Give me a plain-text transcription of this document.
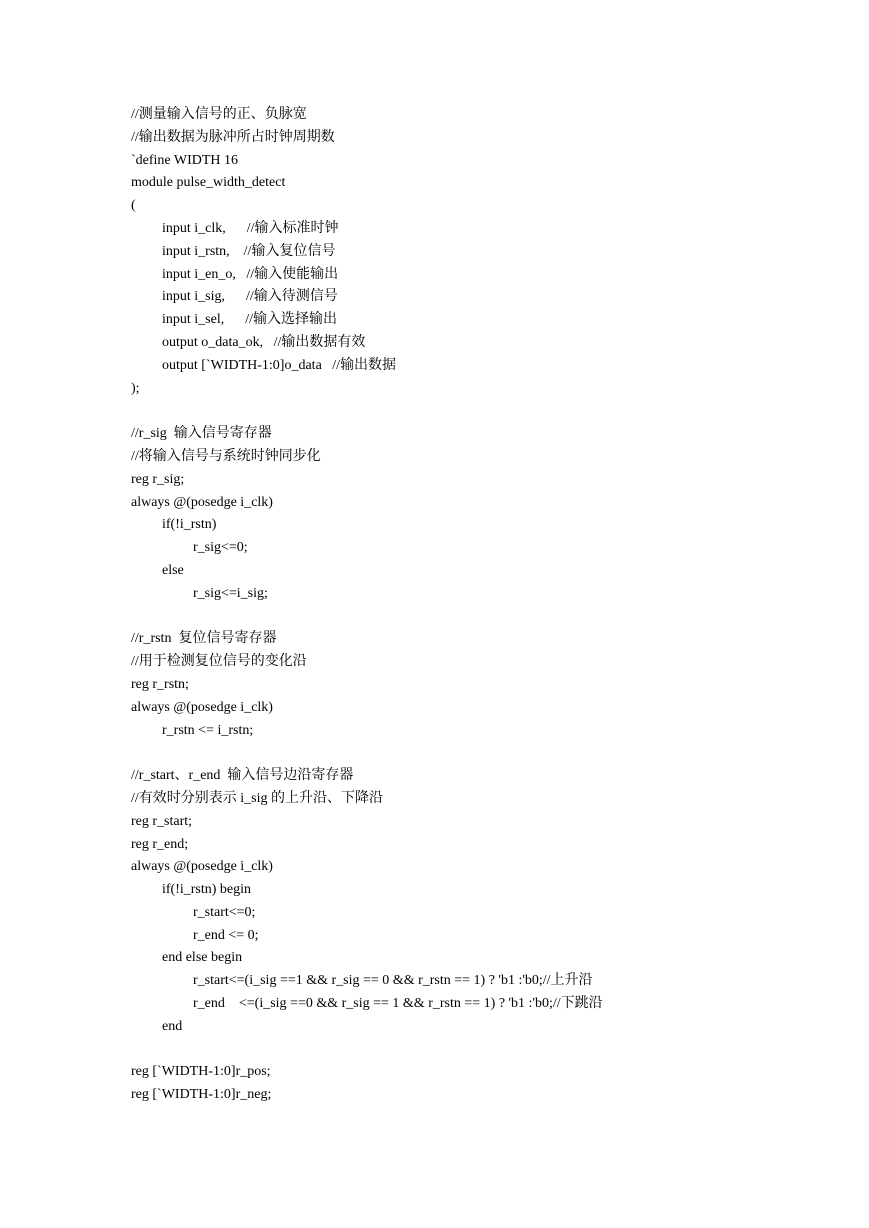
//测量输入信号的正、负脉宽
//输出数据为脉冲所占时钟周期数
`define WIDTH 16
module pulse_width_detect
(
input i_clk,      //输入标准时钟
input i_rstn,    //输入复位信号
input i_en_o,   //输入使能输出
input i_sig,      //输入待测信号
input i_sel,      //输入选择输出
output o_data_ok,   //输出数据有效
output [`WIDTH-1:0]o_data   //输出数据
);
//r_sig  输入信号寄存器
//将输入信号与系统时钟同步化
reg r_sig;
always @(posedge i_clk)
if(!i_rstn)
r_sig<=0;
else
r_sig<=i_sig;
//r_rstn  复位信号寄存器
//用于检测复位信号的变化沿
reg r_rstn;
always @(posedge i_clk)
r_rstn <= i_rstn;
//r_start、r_end  输入信号边沿寄存器
//有效时分别表示 i_sig 的上升沿、下降沿
reg r_start;
reg r_end;
always @(posedge i_clk)
if(!i_rstn) begin
r_start<=0;
r_end <= 0;
end else begin
r_start<=(i_sig ==1 && r_sig == 0 && r_rstn == 1) ? 'b1 :'b0;//上升沿
r_end    <=(i_sig ==0 && r_sig == 1 && r_rstn == 1) ? 'b1 :'b0;//下跳沿
end
reg [`WIDTH-1:0]r_pos;
reg [`WIDTH-1:0]r_neg;
